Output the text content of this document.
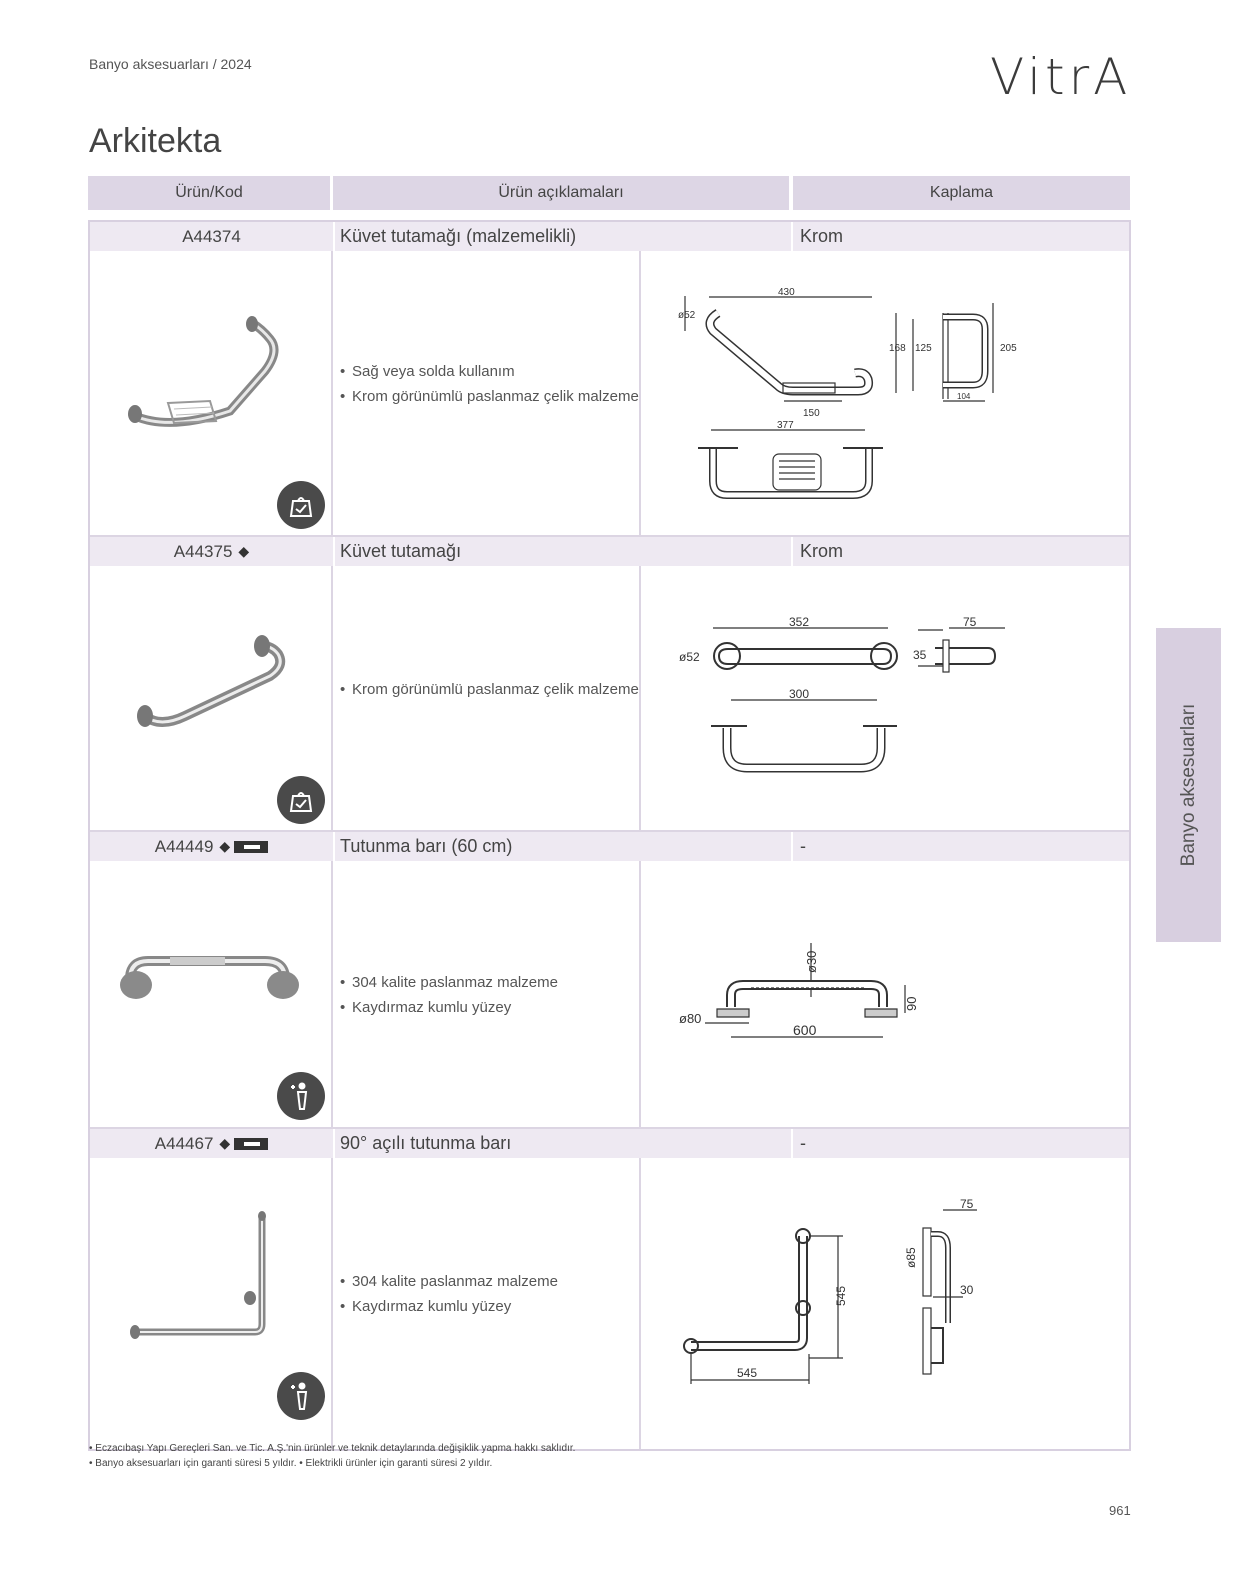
Banyo aksesuarları / 2024	VitrA
Arkitekta
Ürün/Kod	Ürün açıklamaları	Kaplama
Banyo aksesuarları
A44374	Küvet tutamağı (malzemelikli)	Krom
• Sağ veya solda kullanım
• Krom görünümlü paslanmaz çelik malzeme
430
ø52
150
168 125	205
104
377
A44375 ◆	Küvet tutamağı	Krom
• Krom görünümlü paslanmaz çelik malzeme
352
ø52	35
75
300
A44449 ◆	Tutunma barı (60 cm)	-
• 304 kalite paslanmaz malzeme
• Kaydırmaz kumlu yüzey
ø30
ø80
90
600
A44467 ◆	90° açılı tutunma barı	-
• 304 kalite paslanmaz malzeme
• Kaydırmaz kumlu yüzey
545
545
75
ø85
30
• Eczacıbaşı Yapı Gereçleri San. ve Tic. A.Ş.'nin ürünler ve teknik detaylarında değişiklik yapma hakkı saklıdır.
• Banyo aksesuarları için garanti süresi 5 yıldır. • Elektrikli ürünler için garanti süresi 2 yıldır.
961
